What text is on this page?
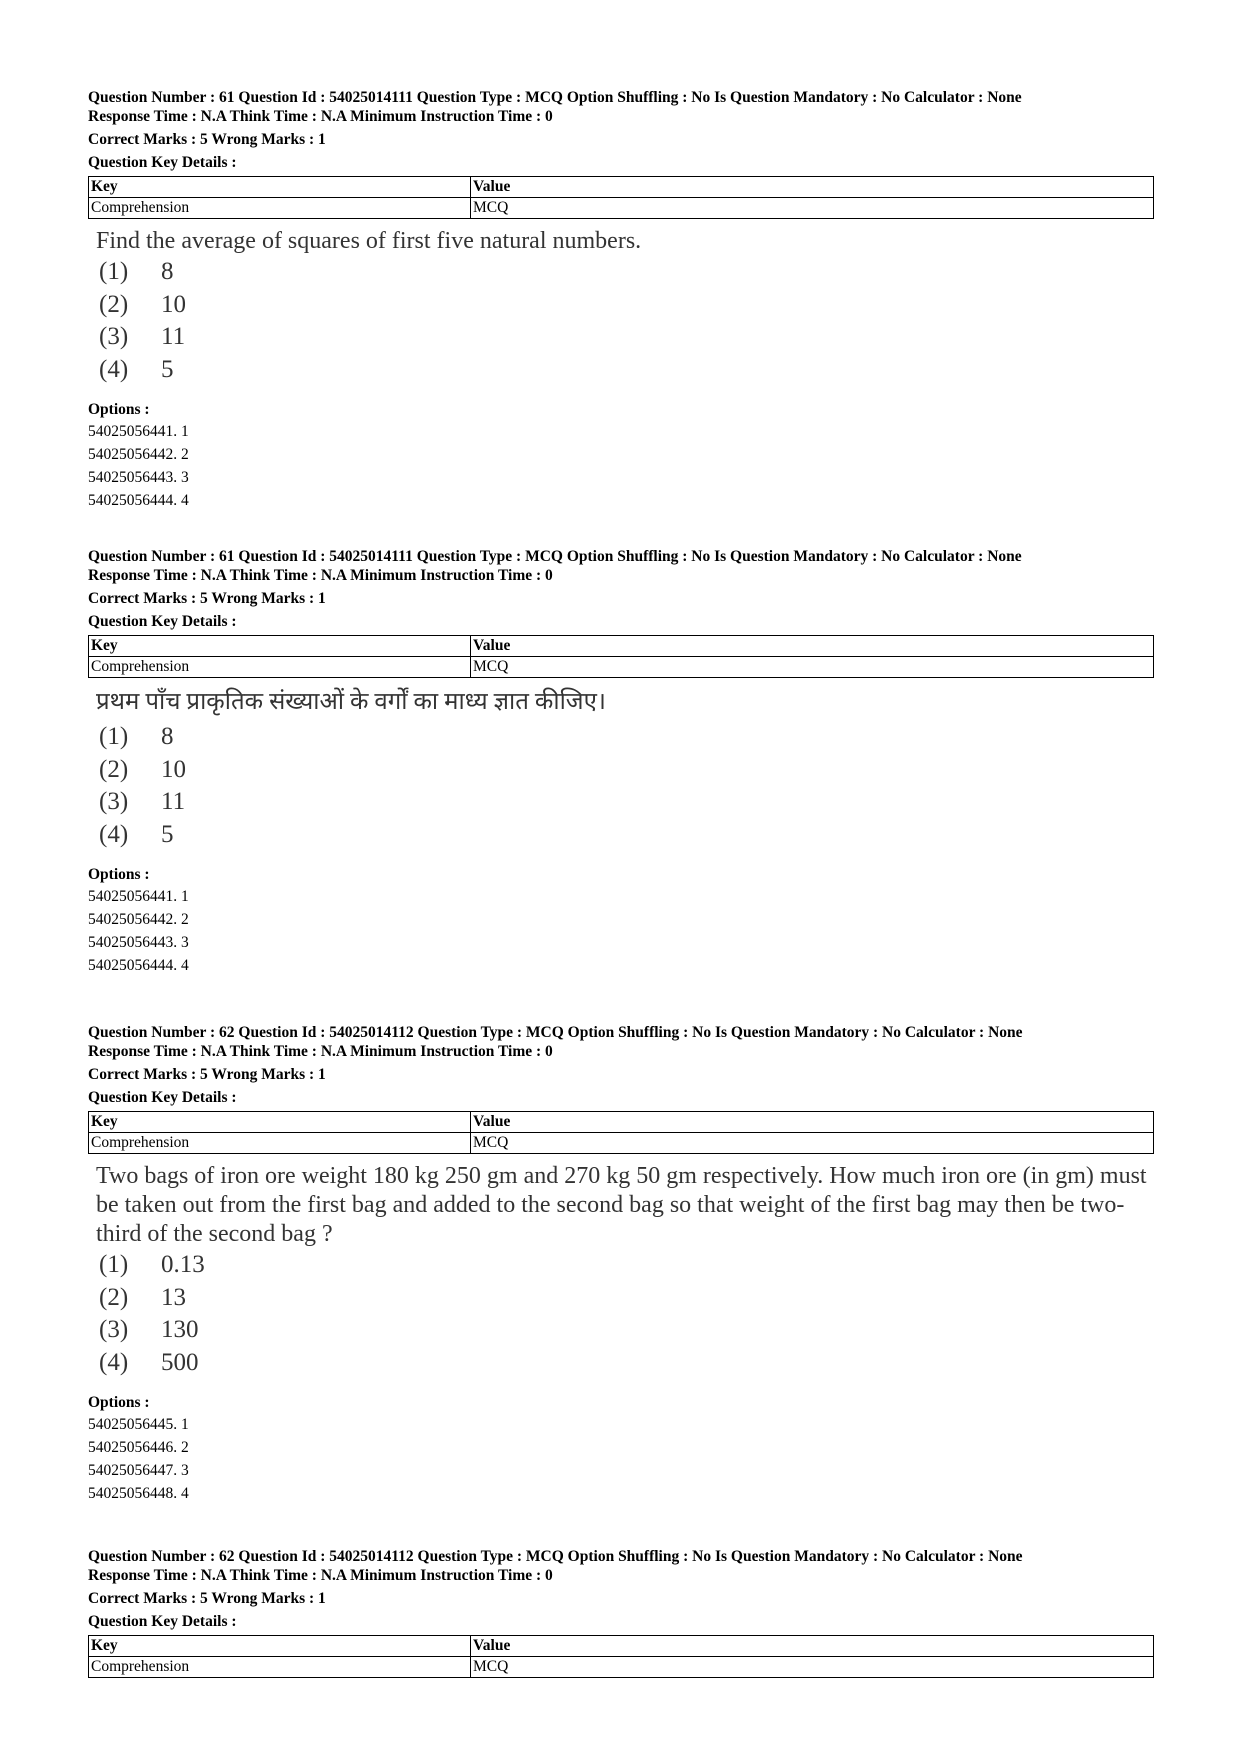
Question Number : 61 Question Id : 54025014111 Question Type : MCQ Option Shuffling : No Is Question Mandatory : No Calculator : None

Response Time : N.A Think Time : N.A Minimum Instruction Time : 0

Correct Marks : 5 Wrong Marks : 1

Question Key Details :

Key	Value
Comprehension	MCQ
Find the average of squares of first five natural numbers.
(1) 8
(2) 10
(3) 11
(4) 5
Options :
54025056441. 1
54025056442. 2
54025056443. 3
54025056444. 4

Question Number : 61 Question Id : 54025014111 Question Type : MCQ Option Shuffling : No Is Question Mandatory : No Calculator : None

Response Time : N.A Think Time : N.A Minimum Instruction Time : 0

Correct Marks : 5 Wrong Marks : 1

Question Key Details :

Key	Value
Comprehension	MCQ
प्रथम पाँच प्राकृतिक संख्याओं के वर्गों का माध्य ज्ञात कीजिए।
(1) 8
(2) 10
(3) 11
(4) 5
Options :
54025056441. 1
54025056442. 2
54025056443. 3
54025056444. 4

Question Number : 62 Question Id : 54025014112 Question Type : MCQ Option Shuffling : No Is Question Mandatory : No Calculator : None

Response Time : N.A Think Time : N.A Minimum Instruction Time : 0

Correct Marks : 5 Wrong Marks : 1

Question Key Details :

Key	Value
Comprehension	MCQ
Two bags of iron ore weight 180 kg 250 gm and 270 kg 50 gm respectively. How much iron ore (in gm) must be taken out from the first bag and added to the second bag so that weight of the first bag may then be two-third of the second bag ?
(1) 0.13
(2) 13
(3) 130
(4) 500
Options :
54025056445. 1
54025056446. 2
54025056447. 3
54025056448. 4

Question Number : 62 Question Id : 54025014112 Question Type : MCQ Option Shuffling : No Is Question Mandatory : No Calculator : None

Response Time : N.A Think Time : N.A Minimum Instruction Time : 0

Correct Marks : 5 Wrong Marks : 1

Question Key Details :

Key	Value
Comprehension	MCQ
